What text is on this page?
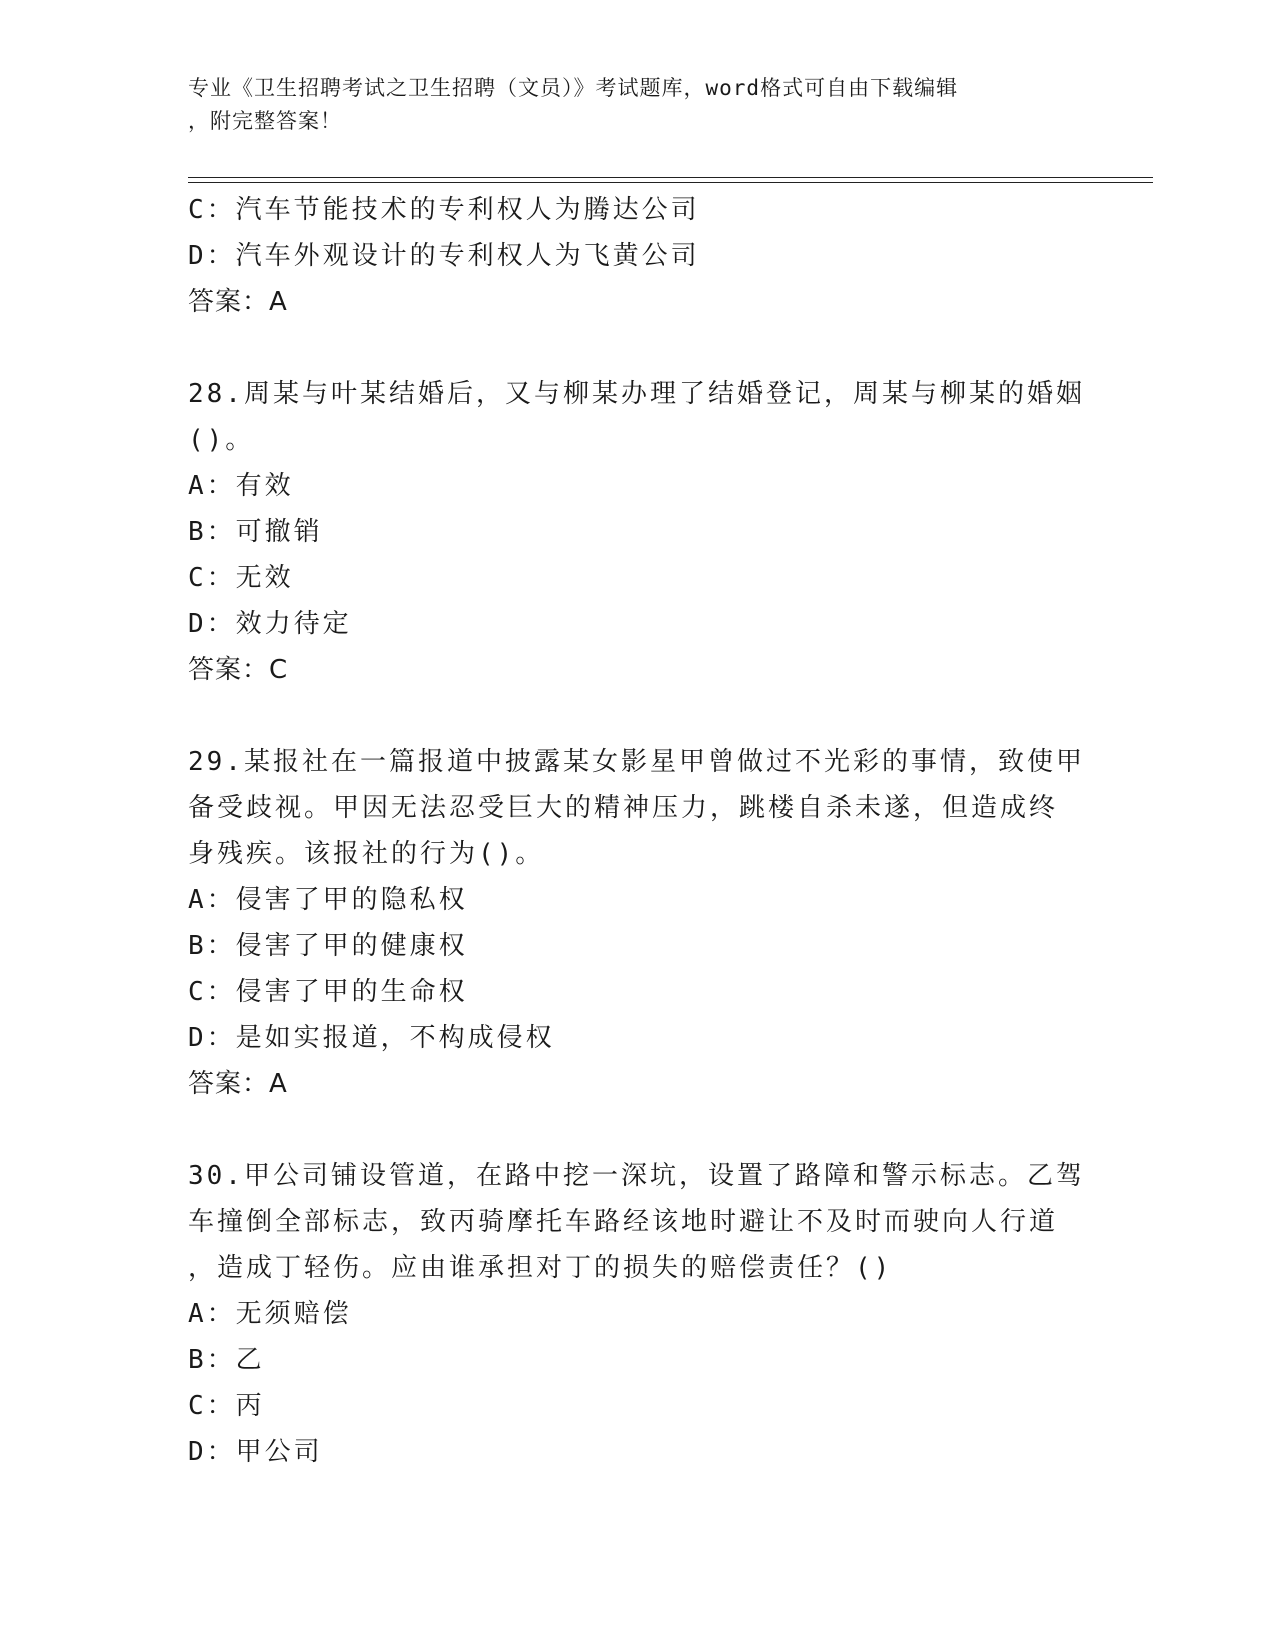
专业《卫生招聘考试之卫生招聘（文员）》考试题库，word格式可自由下载编辑
，附完整答案！
C：汽车节能技术的专利权人为腾达公司
D：汽车外观设计的专利权人为飞黄公司
答案：A
28.周某与叶某结婚后，又与柳某办理了结婚登记，周某与柳某的婚姻
()。
A：有效
B：可撤销
C：无效
D：效力待定
答案：C
29.某报社在一篇报道中披露某女影星甲曾做过不光彩的事情，致使甲
备受歧视。甲因无法忍受巨大的精神压力，跳楼自杀未遂，但造成终
身残疾。该报社的行为()。
A：侵害了甲的隐私权
B：侵害了甲的健康权
C：侵害了甲的生命权
D：是如实报道，不构成侵权
答案：A
30.甲公司铺设管道，在路中挖一深坑，设置了路障和警示标志。乙驾
车撞倒全部标志，致丙骑摩托车路经该地时避让不及时而驶向人行道
，造成丁轻伤。应由谁承担对丁的损失的赔偿责任？()
A：无须赔偿
B：乙
C：丙
D：甲公司
